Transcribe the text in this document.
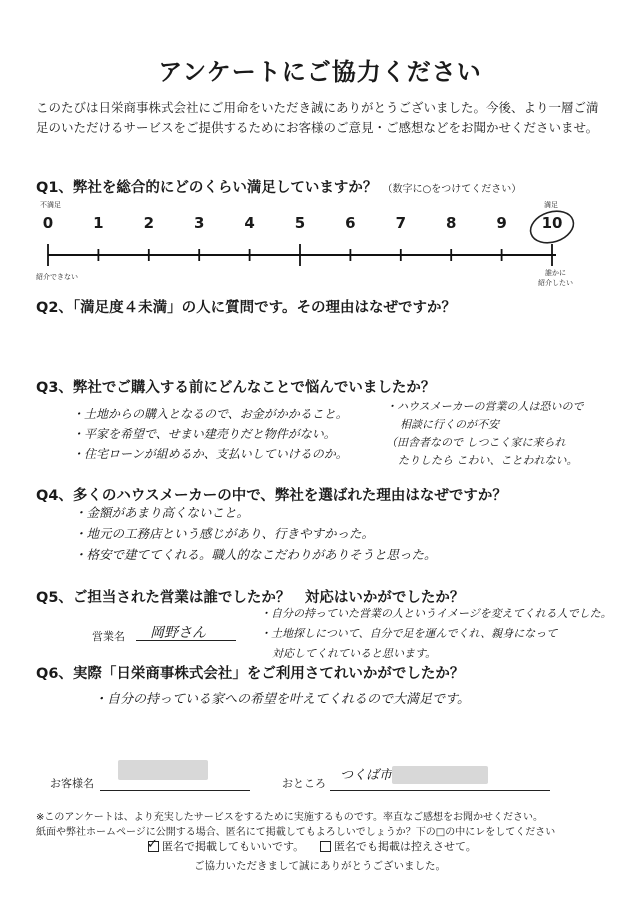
アンケートにご協力ください
このたびは日栄商事株式会社にご用命をいただき誠にありがとうございました。今後、より一層ご満足のいただけるサービスをご提供するためにお客様のご意見・ご感想などをお聞かせくださいませ。
Q1、弊社を総合的にどのくらい満足していますか？ （数字に○をつけてください）
不満足	満足
0	1	2	3	4	5	6	7	8	9	10
紹介できない	誰かに
紹介したい
Q2、「満足度４未満」の人に質問です。その理由はなぜですか？
Q3、弊社でご購入する前にどんなことで悩んでいましたか？
・土地からの購入となるので、お金がかかること。
・平家を希望で、せまい建売りだと物件がない。
・住宅ローンが組めるか、支払いしていけるのか。
・ハウスメーカーの営業の人は恐いので
相談に行くのが不安
（田舎者なので しつこく家に来られ
たりしたら こわい、ことわれない。
Q4、多くのハウスメーカーの中で、弊社を選ばれた理由はなぜですか？
・金額があまり高くないこと。
・地元の工務店という感じがあり、行きやすかった。
・格安で建ててくれる。職人的なこだわりがありそうと思った。
Q5、ご担当された営業は誰でしたか？　対応はいかがでしたか？
営業名 岡野さん
・自分の持っていた営業の人というイメージを変えてくれる人でした。
・土地探しについて、自分で足を運んでくれ、親身になって
対応してくれていると思います。
Q6、実際「日栄商事株式会社」をご利用さてれいかがでしたか？
・自分の持っている家への希望を叶えてくれるので大満足です。
お客様名	おところ
つくば市
※このアンケートは、より充実したサービスをするために実施するものです。率直なご感想をお聞かせください。
紙面や弊社ホームページに公開する場合、匿名にて掲載してもよろしいでしょうか？下の□の中にレをしてください
✓ 匿名で掲載してもいいです。	匿名でも掲載は控えさせて。
ご協力いただきまして誠にありがとうございました。
